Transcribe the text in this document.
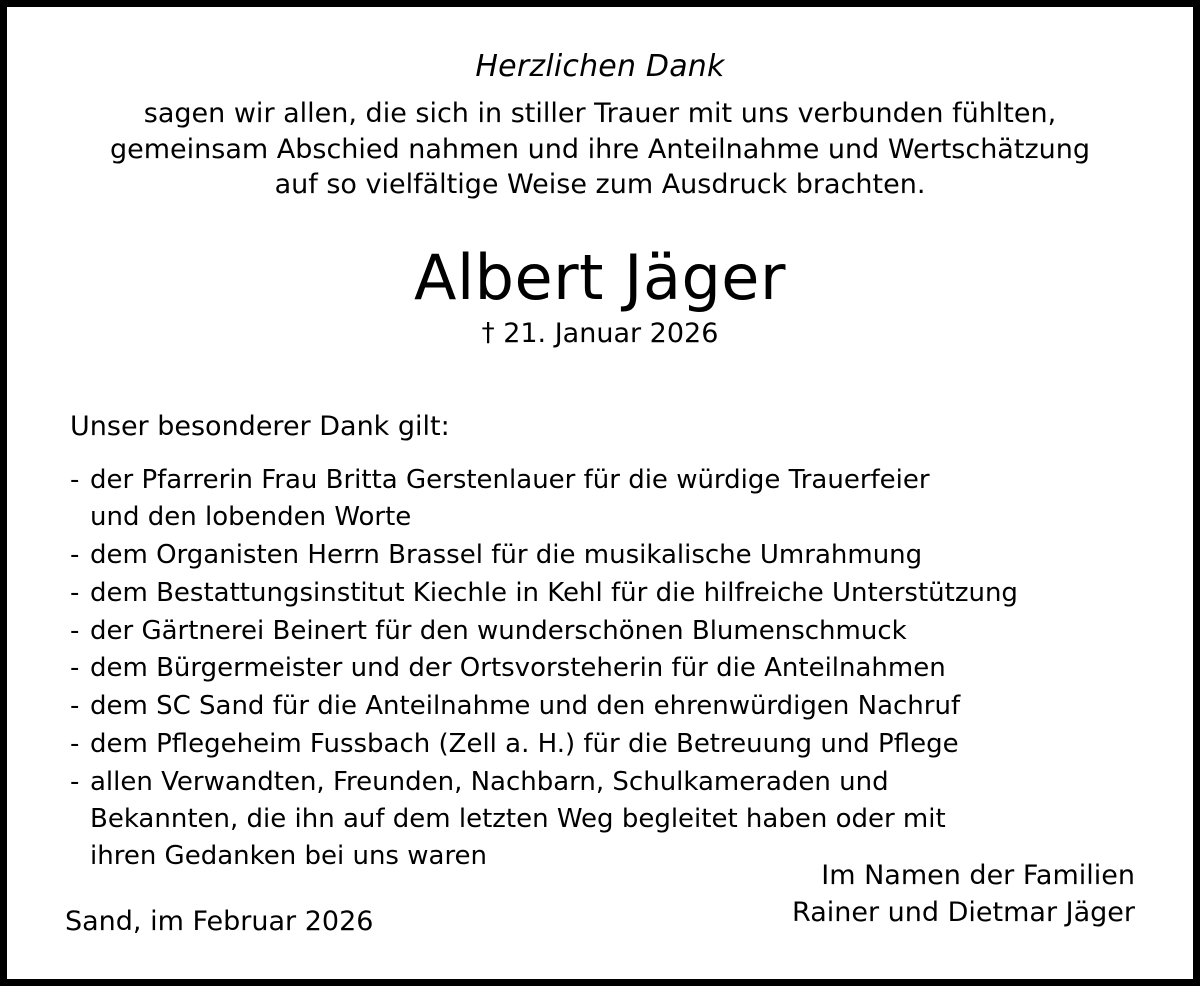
Herzlichen Dank
sagen wir allen, die sich in stiller Trauer mit uns verbunden fühlten,
gemeinsam Abschied nahmen und ihre Anteilnahme und Wertschätzung
auf so vielfältige Weise zum Ausdruck brachten.
Albert Jäger
† 21. Januar 2026
Unser besonderer Dank gilt:
- der Pfarrerin Frau Britta Gerstenlauer für die würdige Trauerfeier
und den lobenden Worte
- dem Organisten Herrn Brassel für die musikalische Umrahmung
- dem Bestattungsinstitut Kiechle in Kehl für die hilfreiche Unterstützung
- der Gärtnerei Beinert für den wunderschönen Blumenschmuck
- dem Bürgermeister und der Ortsvorsteherin für die Anteilnahmen
- dem SC Sand für die Anteilnahme und den ehrenwürdigen Nachruf
- dem Pflegeheim Fussbach (Zell a. H.) für die Betreuung und Pflege
- allen Verwandten, Freunden, Nachbarn, Schulkameraden und
Bekannten, die ihn auf dem letzten Weg begleitet haben oder mit
ihren Gedanken bei uns waren
Im Namen der Familien
Rainer und Dietmar Jäger
Sand, im Februar 2026
